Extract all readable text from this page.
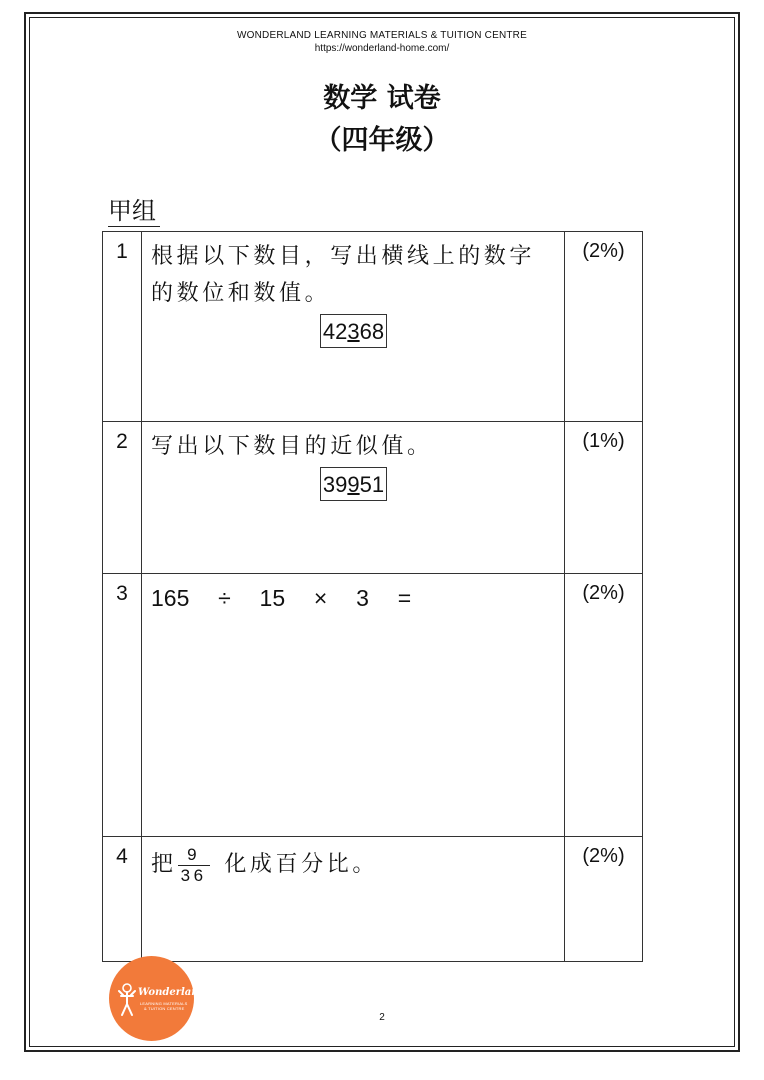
WONDERLAND LEARNING MATERIALS & TUITION CENTRE
https://wonderland-home.com/
数学 试卷
（四年级）
甲组
1	根据以下数目，写出横线上的数字的数位和数值。
42368	(2%)
2	写出以下数目的近似值。
39951	(1%)
3	165  ÷  15  ×  3  =	(2%)
4	把 $\frac{9}{36}$ 化成百分比。	(2%)
Wonderland
LEARNING MATERIALS
& TUITION CENTRE
2
